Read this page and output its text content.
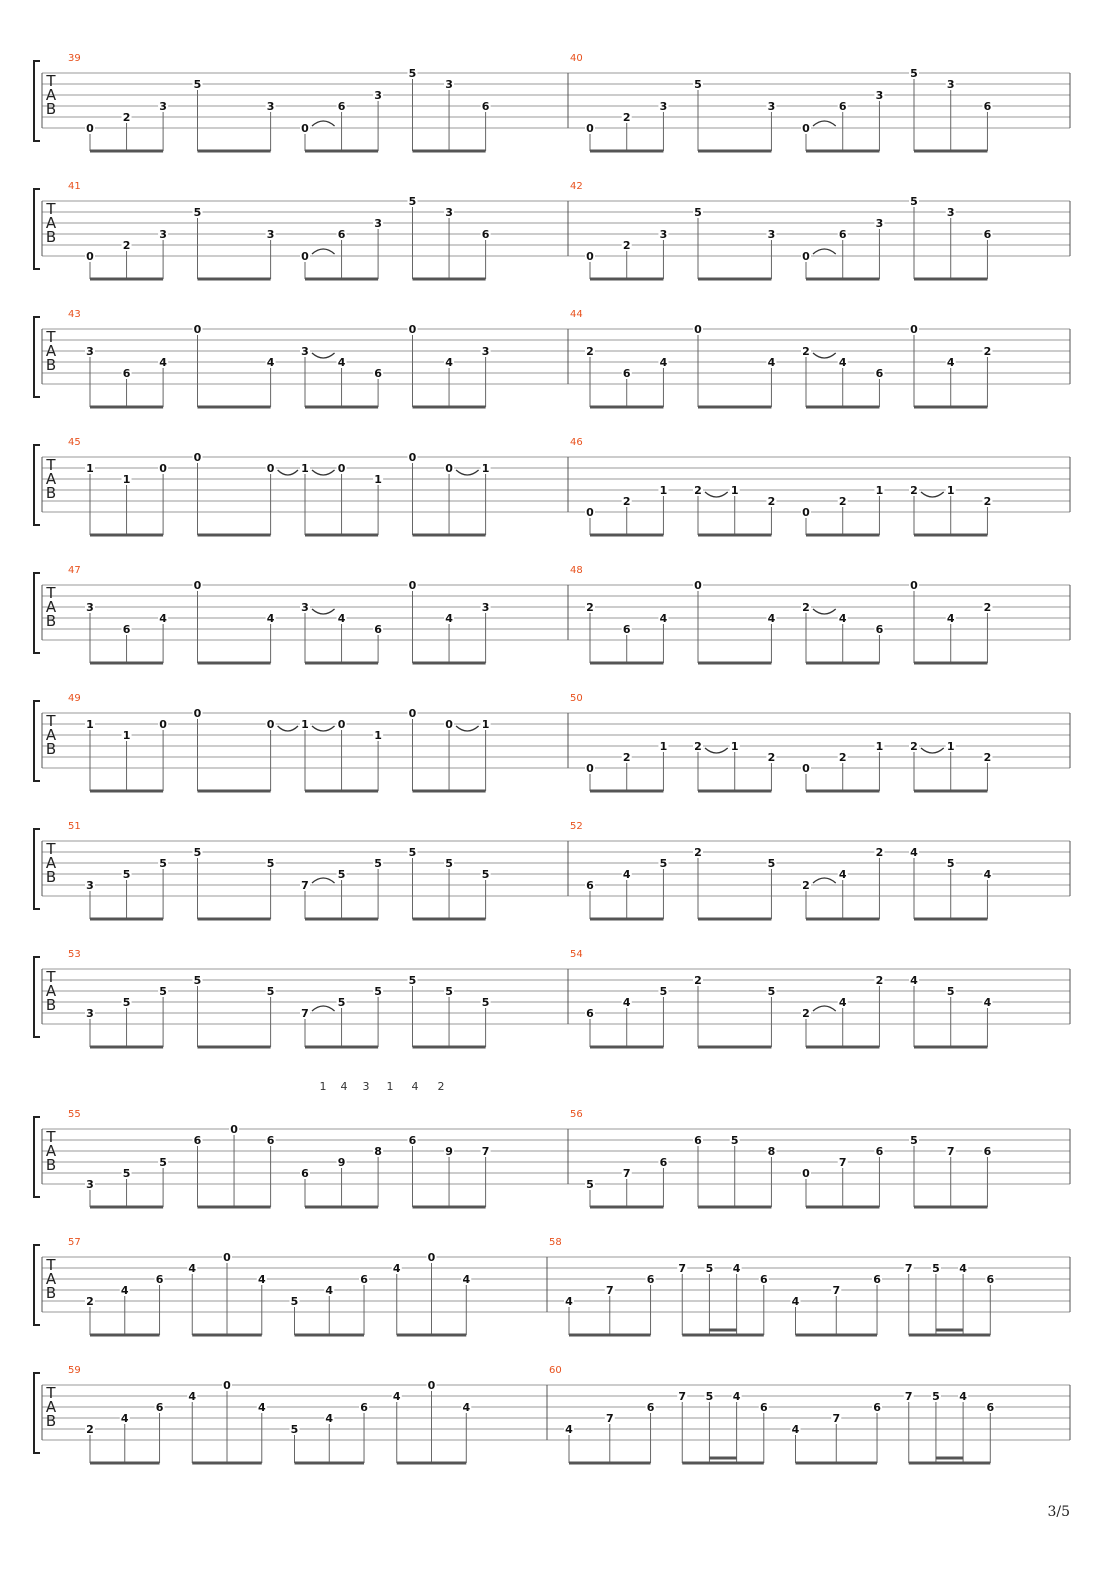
T
A
B
39
0
2
3
5
3
0
6
3
5
3
6
40
0
2
3
5
3
0
6
3
5
3
6
T
A
B
41
0
2
3
5
3
0
6
3
5
3
6
42
0
2
3
5
3
0
6
3
5
3
6
T
A
B
43
3
6
4
0
4
3
4
6
0
4
3
44
2
6
4
0
4
2
4
6
0
4
2
T
A
B
45
1
1
0
0
0 1	0
1
0
0	1
46
0
2
1 2	1
2
0
2
1 2	1
2
T
A
B
47
3
6
4
0
4
3
4
6
0
4
3
48
2
6
4
0
4
2
4
6
0
4
2
T
A
B
49
1
1
0
0
0 1	0
1
0
0	1
50
0
2
1 2	1
2
0
2
1 2	1
2
T
A
B
51
3
5
5
5
5
7
5
5
5
5
5
52
6
4
5
2
5
2
4
2 4
5
4
T
A
B
53
3
5
5
5
5
7
5
5
5
5
5
54
6
4
5
2
5
2
4
2 4
5
4
T
A
B
55
3
5
5
6
0
6
6
9
8
6
9	7
56
5
7
6
6	5
8
0
7
6
5
7	6
T
A
B
57
2
4
6
4
0
4
5
4
6
4
0
4
58
4
7
6
7 5 4
6
4
7
6
7 5 4
6
T
A
B
59
2
4
6
4
0
4
5
4
6
4
0
4
60
4
7
6
7 5 4
6
4
7
6
7 5 4
6
1 4 3 1 4 2
3/5
